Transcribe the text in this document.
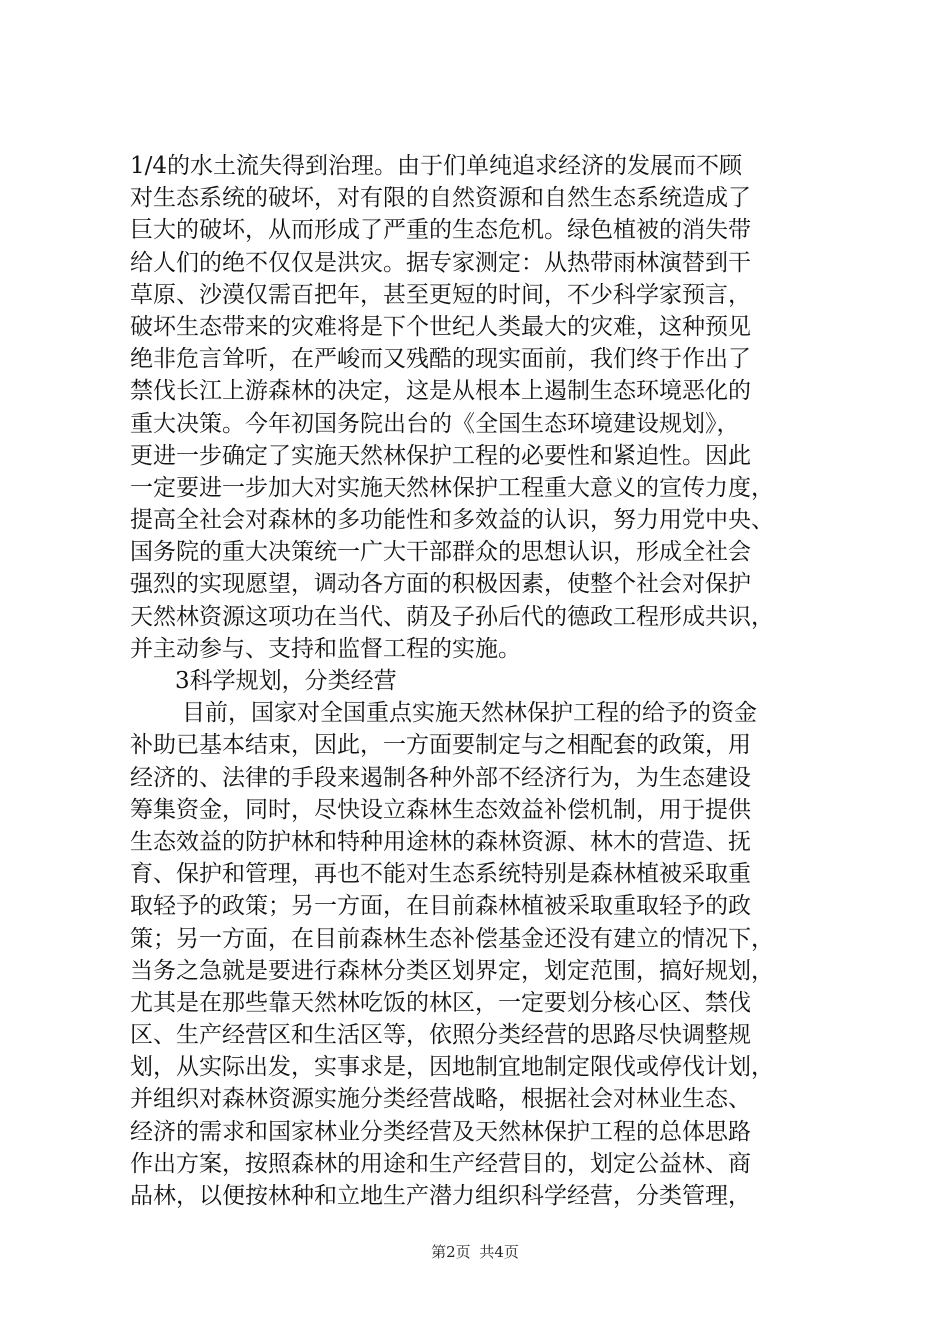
1/4的水土流失得到治理。由于们单纯追求经济的发展而不顾
对生态系统的破坏，对有限的自然资源和自然生态系统造成了
巨大的破坏，从而形成了严重的生态危机。绿色植被的消失带
给人们的绝不仅仅是洪灾。据专家测定：从热带雨林演替到干
草原、沙漠仅需百把年，甚至更短的时间，不少科学家预言，
破坏生态带来的灾难将是下个世纪人类最大的灾难，这种预见
绝非危言耸听，在严峻而又残酷的现实面前，我们终于作出了
禁伐长江上游森林的决定，这是从根本上遏制生态环境恶化的
重大决策。今年初国务院出台的《全国生态环境建设规划》，
更进一步确定了实施天然林保护工程的必要性和紧迫性。因此
一定要进一步加大对实施天然林保护工程重大意义的宣传力度，
提高全社会对森林的多功能性和多效益的认识，努力用党中央、
国务院的重大决策统一广大干部群众的思想认识，形成全社会
强烈的实现愿望，调动各方面的积极因素，使整个社会对保护
天然林资源这项功在当代、荫及子孙后代的德政工程形成共识，
并主动参与、支持和监督工程的实施。
3科学规划，分类经营
目前，国家对全国重点实施天然林保护工程的给予的资金
补助已基本结束，因此，一方面要制定与之相配套的政策，用
经济的、法律的手段来遏制各种外部不经济行为，为生态建设
筹集资金，同时，尽快设立森林生态效益补偿机制，用于提供
生态效益的防护林和特种用途林的森林资源、林木的营造、抚
育、保护和管理，再也不能对生态系统特别是森林植被采取重
取轻予的政策；另一方面，在目前森林植被采取重取轻予的政
策；另一方面，在目前森林生态补偿基金还没有建立的情况下，
当务之急就是要进行森林分类区划界定，划定范围，搞好规划，
尤其是在那些靠天然林吃饭的林区，一定要划分核心区、禁伐
区、生产经营区和生活区等，依照分类经营的思路尽快调整规
划，从实际出发，实事求是，因地制宜地制定限伐或停伐计划，
并组织对森林资源实施分类经营战略，根据社会对林业生态、
经济的需求和国家林业分类经营及天然林保护工程的总体思路
作出方案，按照森林的用途和生产经营目的，划定公益林、商
品林，以便按林种和立地生产潜力组织科学经营，分类管理，
第2页 共4页
